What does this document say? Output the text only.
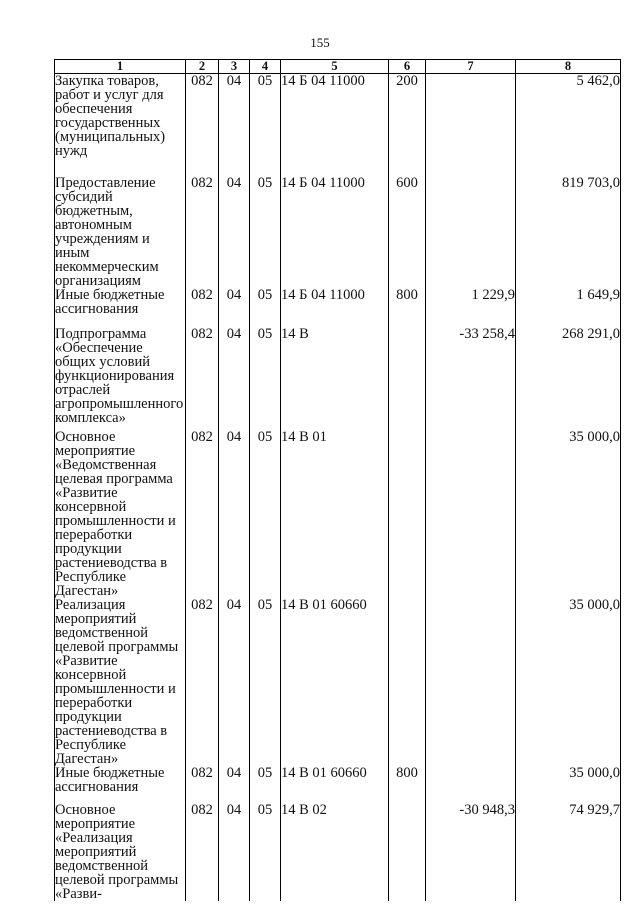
155
1	2	3	4	5	6	7	8
Закупка товаров, работ и услуг для обеспечения государственных (муниципальных) нужд	082	04	05	14 Б 04 11000	200		5 462,0
Предоставление субсидий бюджетным, автономным учреждениям и иным некоммерческим организациям	082	04	05	14 Б 04 11000	600		819 703,0
Иные бюджетные ассигнования	082	04	05	14 Б 04 11000	800	1 229,9	1 649,9
Подпрограмма «Обеспечение общих условий функционирования отраслей агропромышленного комплекса»	082	04	05	14 В		-33 258,4	268 291,0
Основное мероприятие «Ведомственная целевая программа «Развитие консервной промышленности и переработки продукции растениеводства в Республике Дагестан»	082	04	05	14 В 01			35 000,0
Реализация мероприятий ведомственной целевой программы «Развитие консервной промышленности и переработки продукции растениеводства в Республике Дагестан»	082	04	05	14 В 01 60660			35 000,0
Иные бюджетные ассигнования	082	04	05	14 В 01 60660	800		35 000,0
Основное мероприятие «Реализация мероприятий ведомственной целевой программы «Разви-	082	04	05	14 В 02		-30 948,3	74 929,7
